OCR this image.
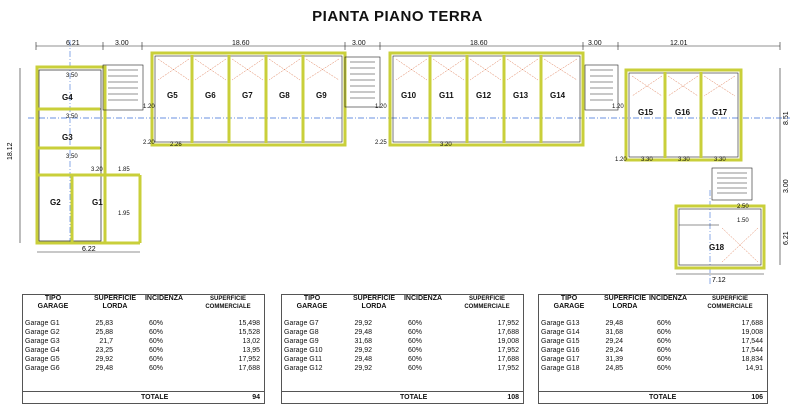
PIANTA PIANO TERRA
6.21	3.00	18.60	3.00	18.60	3.00	12.01
18.12
8.51
3.00
6.21
6.22
7.12
G5	G6	G7	G8	G9	G10	G11	G12	G13	G14
G15	G16	G17
G4
G3
G2	G1
G18
3.50
3.50
3.50
3.20	1.85
1.95
1.20
2.20	2.26
1.20
2.25	3.20
1.20
1.20 3.30	3.30	3.30
2.50
1.50
TIPO GARAGE
SUPERFICIE LORDA
INCIDENZA	SUPERFICIE COMMERCIALE
Garage G1	25,83	60%	15,498
Garage G2	25,88	60%	15,528
Garage G3	21,7	60%	13,02
Garage G4	23,25	60%	13,95
Garage G5	29,92	60%	17,952
Garage G6	29,48	60%	17,688
TOTALE	94
TIPO GARAGE
SUPERFICIE LORDA
INCIDENZA	SUPERFICIE COMMERCIALE
Garage G7	29,92	60%	17,952
Garage G8	29,48	60%	17,688
Garage G9	31,68	60%	19,008
Garage G10	29,92	60%	17,952
Garage G11	29,48	60%	17,688
Garage G12	29,92	60%	17,952
TOTALE	108
TIPO GARAGE
SUPERFICIE LORDA
INCIDENZA	SUPERFICIE COMMERCIALE
Garage G13	29,48	60%	17,688
Garage G14	31,68	60%	19,008
Garage G15	29,24	60%	17,544
Garage G16	29,24	60%	17,544
Garage G17	31,39	60%	18,834
Garage G18	24,85	60%	14,91
TOTALE	106
